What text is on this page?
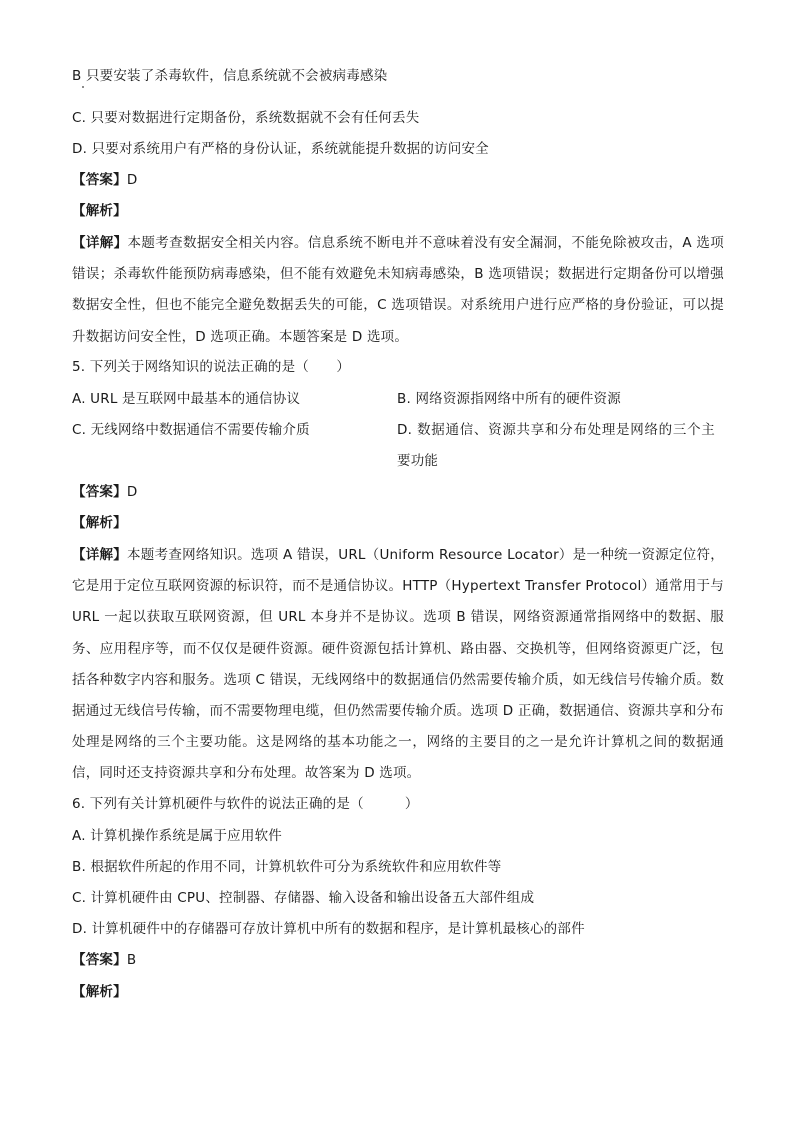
B 只要安装了杀毒软件，信息系统就不会被病毒感染
C. 只要对数据进行定期备份，系统数据就不会有任何丢失
D. 只要对系统用户有严格的身份认证，系统就能提升数据的访问安全
【答案】D
【解析】
【详解】本题考查数据安全相关内容。信息系统不断电并不意味着没有安全漏洞，不能免除被攻击，A 选项错误；杀毒软件能预防病毒感染，但不能有效避免未知病毒感染，B 选项错误；数据进行定期备份可以增强数据安全性，但也不能完全避免数据丢失的可能，C 选项错误。对系统用户进行应严格的身份验证，可以提升数据访问安全性，D 选项正确。本题答案是 D 选项。
5. 下列关于网络知识的说法正确的是（　　）
A. URL 是互联网中最基本的通信协议	B. 网络资源指网络中所有的硬件资源
C. 无线网络中数据通信不需要传输介质	D. 数据通信、资源共享和分布处理是网络的三个主要功能
【答案】D
【解析】
【详解】本题考查网络知识。选项 A 错误，URL（Uniform Resource Locator）是一种统一资源定位符，它是用于定位互联网资源的标识符，而不是通信协议。HTTP（Hypertext Transfer Protocol）通常用于与 URL 一起以获取互联网资源，但 URL 本身并不是协议。选项 B 错误，网络资源通常指网络中的数据、服务、应用程序等，而不仅仅是硬件资源。硬件资源包括计算机、路由器、交换机等，但网络资源更广泛，包括各种数字内容和服务。选项 C 错误，无线网络中的数据通信仍然需要传输介质，如无线信号传输介质。数据通过无线信号传输，而不需要物理电缆，但仍然需要传输介质。选项 D 正确，数据通信、资源共享和分布处理是网络的三个主要功能。这是网络的基本功能之一，网络的主要目的之一是允许计算机之间的数据通信，同时还支持资源共享和分布处理。故答案为 D 选项。
6. 下列有关计算机硬件与软件的说法正确的是（　　　）
A. 计算机操作系统是属于应用软件
B. 根据软件所起的作用不同，计算机软件可分为系统软件和应用软件等
C. 计算机硬件由 CPU、控制器、存储器、输入设备和输出设备五大部件组成
D. 计算机硬件中的存储器可存放计算机中所有的数据和程序，是计算机最核心的部件
【答案】B
【解析】
